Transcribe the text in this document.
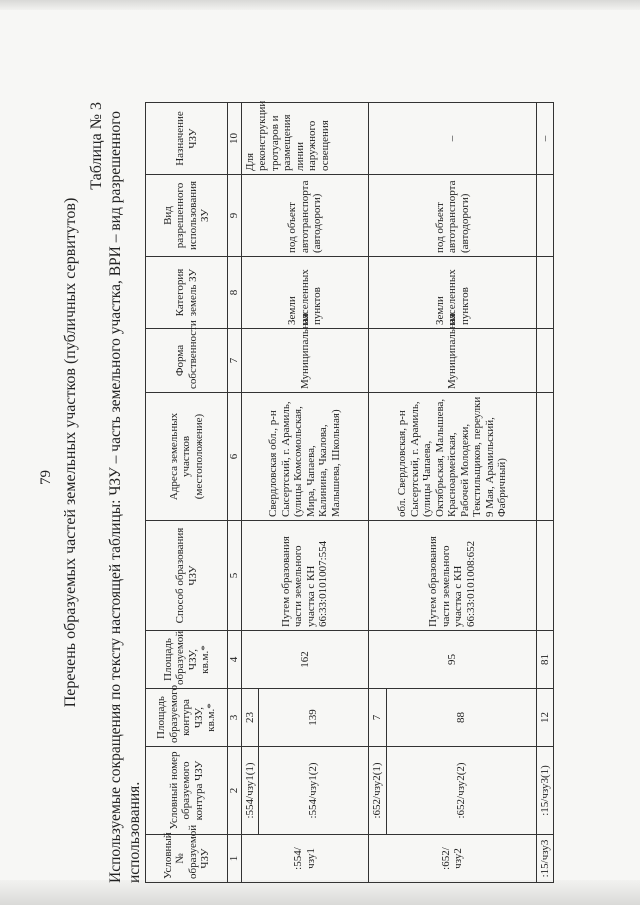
79 Перечень образуемых частей земельных участков (публичных сервитутов)
Таблица № 3 Используемые сокращения по тексту настоящей таблицы: ЧЗУ – часть земельного участка, ВРИ – вид разрешенного использования. Условный № образуемой ЧЗУ	Условный номер образуемого контура ЧЗУ	Площадь образуемого контура ЧЗУ, кв.м.*	Площадь образуемой ЧЗУ, кв.м.*	Способ образования ЧЗУ	Адреса земельных участков (местоположение)	Форма собственности	Категория земель ЗУ	Вид разрешенного использования ЗУ	Назначение ЧЗУ
1	2	3	4	5	6	7	8	9	10
:554/чзу1	:554/чзу1(1)	23	162	Путем образования части земельного участка с КН 66:33:0101007:554	Свердловская обл., р-н Сысертский, г. Арамиль, (улицы Комсомольская, Мира, Чапаева, Калинина, Чкалова, Малышева, Школьная)	Муниципальная	Земли населенных пунктов	под объект автотранспорта (автодороги)	Для реконструкции тротуаров и размещения линии наружного освещения
	:554/чзу1(2)	139							
:652/чзу2	:652/чзу2(1)	7	95	Путем образования части земельного участка с КН 66:33:0101008:652	обл. Свердловская, р-н Сысертский, г. Арамиль, (улицы Чапаева, Октябрьская, Малышева, Красноармейская, Рабочей Молодежи, Текстильщиков, переулки 9 Мая, Арамильский, Фабричный)	Муниципальная	Земли населенных пунктов	под объект автотранспорта (автодороги)	–
	:652/чзу2(2)	88							
:15/чзу3	:15/чзу3(1)	12	81						–
